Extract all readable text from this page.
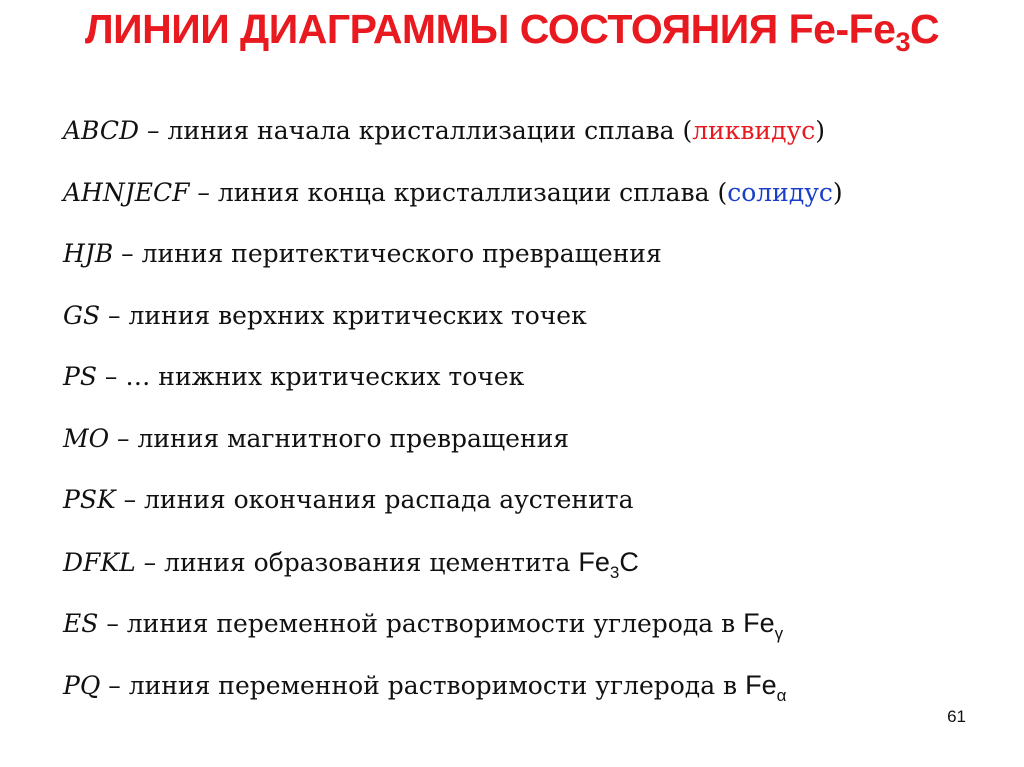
ЛИНИИ ДИАГРАММЫ СОСТОЯНИЯ Fe-Fe3C
ABCD – линия начала кристаллизации сплава (ликвидус)
AHNJECF – линия конца кристаллизации сплава (солидус)
HJB – линия перитектического превращения
GS – линия верхних критических точек
PS – … нижних критических точек
MO – линия магнитного превращения
PSK – линия окончания распада аустенита
DFKL – линия образования цементита $Fe_3C$
ES – линия переменной растворимости углерода в $Fe_\gamma$
PQ – линия переменной растворимости углерода в $Fe_\alpha$
61
